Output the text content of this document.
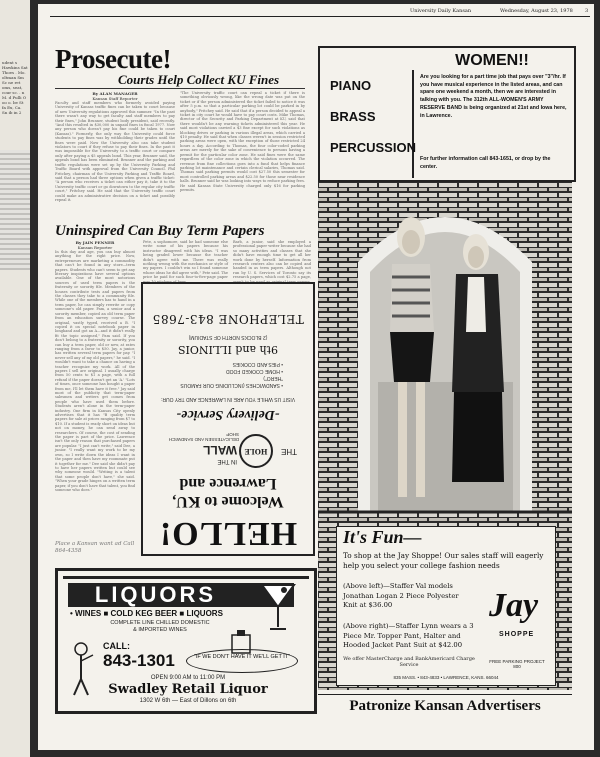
udent s Hawkins Sat Thoes . Mo. oltman Sm Sc ne ret oms, seat, cour sc. . n M. d Pulli O oo o. be St fa Ex, Ca. Sn ib in 2
University Daily Kansan	Wednesday, August 23, 1978	3
Prosecute!
Courts Help Collect KU Fines
By ALAN MANAGER
Kansan Staff Reporter
Faculty and staff members who formerly avoided paying University of Kansas traffic fines can be taken to court because of new University regulations approved this summer. "In the past there wasn't any way to get faculty and staff members to pay their fines," John Brunner, student body president, said recently. "And this resulted in $30,000 in unpaid fines in fiscal 1977. Now any person who doesn't pay his fine could be taken to court (Kansas)." Formerly, the only way the University could force students to pay fines was by withholding their grades until the fines were paid. Now the University also can take student violators to court if they refuse to pay their fines. In the past it was impossible for the University to a traffic court or compare only after paying a $5 appeals bond. This year, Brunner said, the appeals bond has been eliminated. Brunner and the parking and traffic regulations were set up by the University Parking and Traffic Board with approval from the University Council. Phil Fritchey, chairman of the University Parking and Traffic Board, said that a person had three options when given a traffic ticket: "A person who receives a ticket can either pay it, take it to the University traffic court or go downtown to the regular city traffic court," Fritchey said. He said that the University traffic court could make an administrative decision on a ticket and possibly repeal it.
"The University traffic court can repeal a ticket if there is something obviously wrong, like the wrong date was put on the ticket or if the person administered the ticket failed to notice it was after 5 p.m. so that a particular parking lot could be parked in by anybody," Fritchey said. He said that if a person decided to appeal a ticket in city court he would have to pay court costs. Mike Thomas, director of the Security and Parking Department at KU, said that there wouldn't be any warning tickets administered this year. He said most violations carried a $3 fine except for such violations as blocking drives or parking in various illegal areas, which carried a $10 penalty. He said that when classes weren't in session restricted parking areas were open, with the exception of those restricted 24 hours a day. According to Thomas, the four color-coded parking areas are merely for the sake of convenience to persons having a permit for the particular color zone. He said fines were the same regardless of the color zone in which the violation occurred. The revenue from fine collections goes into a fund that helps finance parking lot maintenance and certain clerical salaries, Thomas said. Thomas said parking permits would cost $27.50 this semester for most controlled parking areas and $22.50 for those near residence halls. Brunner said he was looking into ways to reduce parking fees. He said Kansas State University charged only $16 for parking permits.
Uninspired Can Buy Term Papers
By JAIN PENNER
Kansan Reporter
In this day and age, you can buy almost anything for the right price. Now, entrepreneurs are marketing a commodity that can't be found in any store—term papers. Students who can't seem to get any literary inspirations have several options available. One of the most notorious sources of used term papers is the fraternity or sorority file. Members of the houses contribute tests and papers from the classes they take to a community file. While one of the members has to hand in a term paper, he can simply rewrite or copy someone's old paper. Pam, a senior and a sorority member, copied an old term paper from an education survey course. The original, vastly typed, received a B. "I copied it on special notebook paper in longhand and got an A—and it didn't really fit the topic assigned," Pam said. If you don't belong to a fraternity or sorority, you can buy a term paper, old or new, at rates ranging from a favor to $50. Jay, a junior, has written several term papers for pay. "I never sell any of my old papers," he said. "I wouldn't want to take a chance on having a teacher recognize my work. All of the papers I sell are original. I usually charge from 50 cents to $1 a page, with a full refund if the paper doesn't get an 'A.' "Lots of times, once someone has bought a paper from me, I'll let them have it free." Jay said most of the publicity that term-paper salesmen and writers get comes from people who have used them before. Students aren't alone in the term-paper industry. One firm in Kansas City openly advertises that it has "B quality term papers for sale at prices ranging from $7 to $10. If a student is ready short on ideas but not on money, he can send away to researchers. Of course, the cost of sending the paper is part of the price. Lawrence isn't the only reason that purchased papers are popular. "I just can't write," said Dee, a junior. "I really want my work to be my own, so I write down the ideas I want in the paper and then have my roommate put it together for me." Dee said she didn't pay to have her papers written but could see why someone would. "Writing is a talent that some people don't have," she said. "When your grade hinges on a written term paper, if you don't have that talent, you find someone who does."
Pete, a sophomore, said he had someone else write some of his papers because his instructor disagreed with his ideas. "I was being graded lower because the teacher didn't agree with me. There was really nothing wrong with the mechanics or style of my papers. I couldn't win so I found someone whose ideas he did agree with," Pete said. The price he paid for such four-to-five-page paper
Barb, a junior, said she employed a professional paper writer because she had so many activities and classes that she didn't have enough time to get all her work done by herself. Information from research centers also can be copied and handed in as term papers. Although not run by U. S. Services of Toronto say its research papers, which cost $2.75 a page,
Place a Kansan want ad Call 864-4358	HELLO!
Welcome to KU, Lawrence and
THE
HOLE
IN THE
WALL
DELICATESSEN AND SANDWICH SHOP
-Delivery Service-
VISIT US WHILE YOU ARE IN LAWRENCE AND TRY OUR:
• SANDWICHES (INCLUDING OUR FAMOUS "HERO")
• HOME COOKED FOOD
• PIES AND COOKIES
9th and ILLINOIS
(2 BLOCKS NORTH OF STADIUM)
TELEPHONE 843-7685
LIQUORS
• WINES ■ COLD KEG BEER ■ LIQUORS
COMPLETE LINE CHILLED DOMESTIC
& IMPORTED WINES
CALL:
843-1301	"IF WE DON'T HAVE IT WE'LL GET IT"
OPEN 9:00 AM to 11:00 PM
Swadley Retail Liquor
1302 W 6th — East of Dillons on 6th
WOMEN!!
PIANO
BRASS
PERCUSSION
Are you looking for a part time job that pays over "3"/hr. If you have musical experience in the listed areas, and can spare one weekend a month, then we are interested in talking with you. The 312th ALL-WOMEN'S ARMY RESERVE BAND is being organized at 21st and Iowa here, in Lawrence.
For further information call 843-1651, or drop by the center.
It's Fun—
To shop at the Jay Shoppe! Our sales staff will eagerly help you select your college fashion needs
(Above left)—Staffer Val models Jonathan Logan 2 Piece Polyester Knit at $36.00
(Above right)—Staffer Lynn wears a 3 Piece Mr. Topper Pant, Halter and Hooded Jacket Pant Suit at $42.00
We offer MasterCharge and BankAmericard Charge Service
835 MASS. • 843-4833 • LAWRENCE, KANS. 66044
Jay
SHOPPE
FREE PARKING PROJECT 800
Patronize Kansan Advertisers
